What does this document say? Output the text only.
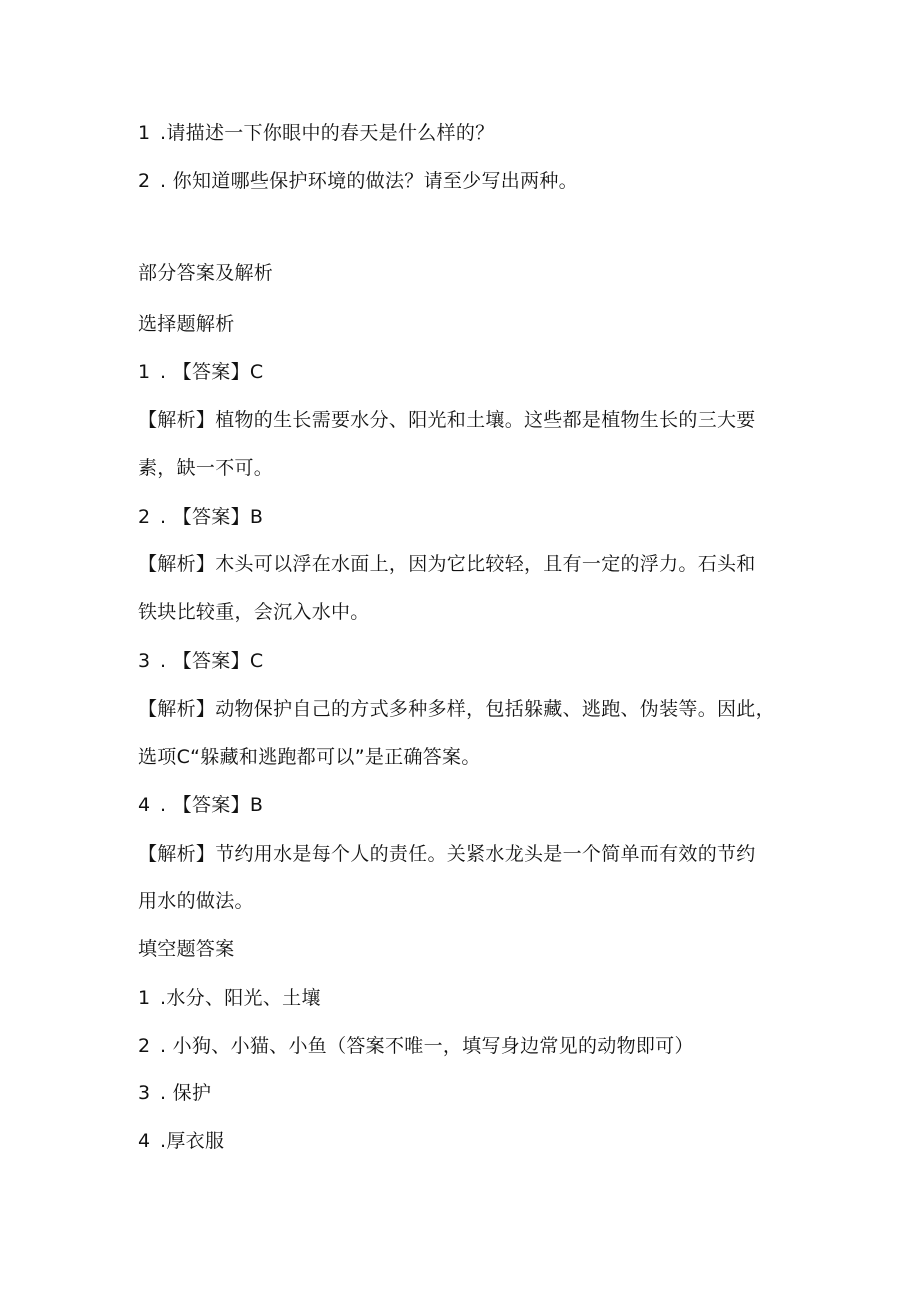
1 .请描述一下你眼中的春天是什么样的？
2 . 你知道哪些保护环境的做法？请至少写出两种。
部分答案及解析
选择题解析
1 . 【答案】C
【解析】植物的生长需要水分、阳光和土壤。这些都是植物生长的三大要
素，缺一不可。
2 . 【答案】B
【解析】木头可以浮在水面上，因为它比较轻，且有一定的浮力。石头和
铁块比较重，会沉入水中。
3 . 【答案】C
【解析】动物保护自己的方式多种多样，包括躲藏、逃跑、伪装等。因此，
选项C“躲藏和逃跑都可以”是正确答案。
4 . 【答案】B
【解析】节约用水是每个人的责任。关紧水龙头是一个简单而有效的节约
用水的做法。
填空题答案
1 .水分、阳光、土壤
2 . 小狗、小猫、小鱼（答案不唯一，填写身边常见的动物即可）
3 . 保护
4 .厚衣服
